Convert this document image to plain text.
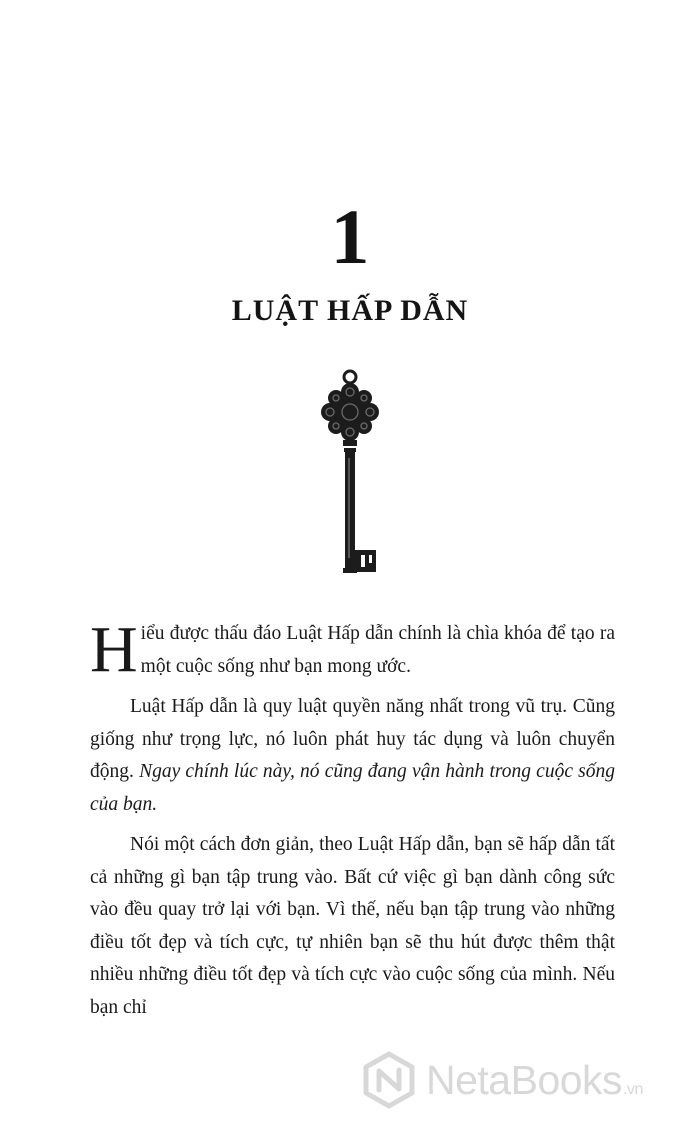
1
LUẬT HẤP DẪN

Hiểu được thấu đáo Luật Hấp dẫn chính là chìa khóa để tạo ra một cuộc sống như bạn mong ước.

Luật Hấp dẫn là quy luật quyền năng nhất trong vũ trụ. Cũng giống như trọng lực, nó luôn phát huy tác dụng và luôn chuyển động. Ngay chính lúc này, nó cũng đang vận hành trong cuộc sống của bạn.

Nói một cách đơn giản, theo Luật Hấp dẫn, bạn sẽ hấp dẫn tất cả những gì bạn tập trung vào. Bất cứ việc gì bạn dành công sức vào đều quay trở lại với bạn. Vì thế, nếu bạn tập trung vào những điều tốt đẹp và tích cực, tự nhiên bạn sẽ thu hút được thêm thật nhiều những điều tốt đẹp và tích cực vào cuộc sống của mình. Nếu bạn chỉ

NetaBooks.vn
